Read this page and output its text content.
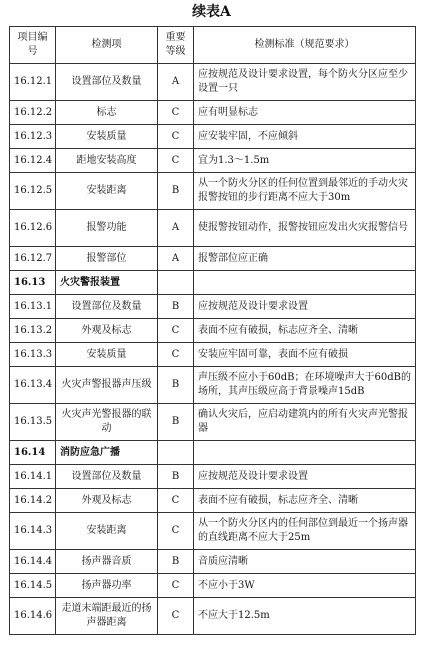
续表A
项目编号	检测项	重要等级	检测标准（规范要求）
16.12.1	设置部位及数量	A	应按规范及设计要求设置，每个防火分区应至少设置一只
16.12.2	标志	C	应有明显标志
16.12.3	安装质量	C	应安装牢固，不应倾斜
16.12.4	距地安装高度	C	宜为1.3～1.5m
16.12.5	安装距离	B	从一个防火分区的任何位置到最邻近的手动火灾报警按钮的步行距离不应大于30m
16.12.6	报警功能	A	使报警按钮动作，报警按钮应发出火灾报警信号
16.12.7	报警部位	A	报警部位应正确
16.13	火灾警报装置		
16.13.1	设置部位及数量	B	应按规范及设计要求设置
16.13.2	外观及标志	C	表面不应有破损，标志应齐全、清晰
16.13.3	安装质量	C	安装应牢固可靠，表面不应有破损
16.13.4	火灾声警报器声压级	B	声压级不应小于60dB；在环境噪声大于60dB的场所，其声压级应高于背景噪声15dB
16.13.5	火灾声光警报器的联动	B	确认火灾后，应启动建筑内的所有火灾声光警报器
16.14	消防应急广播		
16.14.1	设置部位及数量	B	应按规范及设计要求设置
16.14.2	外观及标志	C	表面不应有破损，标志应齐全、清晰
16.14.3	安装距离	C	从一个防火分区内的任何部位到最近一个扬声器的直线距离不应大于25m
16.14.4	扬声器音质	B	音质应清晰
16.14.5	扬声器功率	C	不应小于3W
16.14.6	走道末端距最近的扬声器距离	C	不应大于12.5m
